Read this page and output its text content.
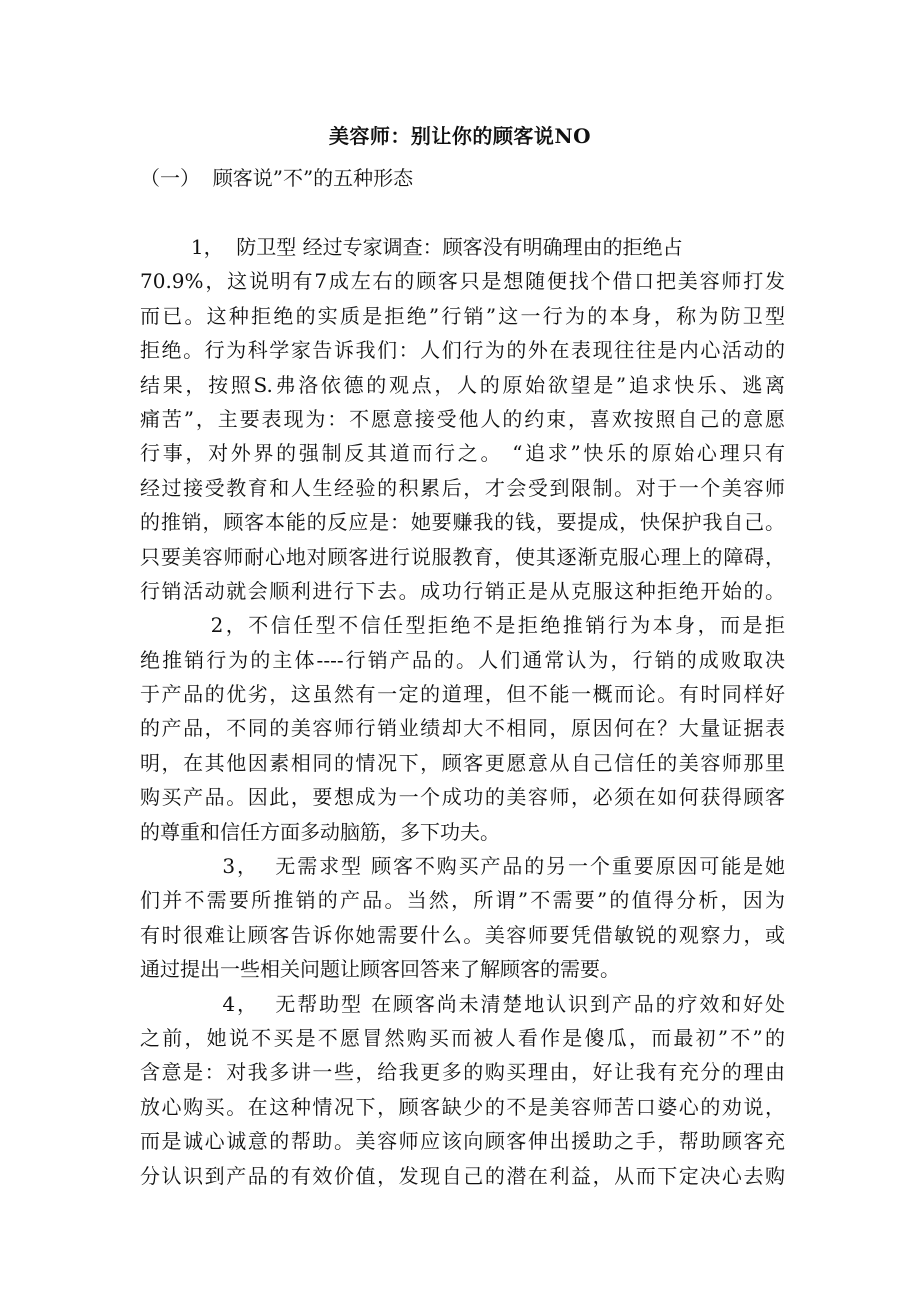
美容师：别让你的顾客说NO
（一）  顾客说”不”的五种形态
1，  防卫型 经过专家调查：顾客没有明确理由的拒绝占
70.9%，这说明有7成左右的顾客只是想随便找个借口把美容师打发
而已。这种拒绝的实质是拒绝”行销”这一行为的本身，称为防卫型
拒绝。行为科学家告诉我们：人们行为的外在表现往往是内心活动的
结果，按照S.弗洛依德的观点，人的原始欲望是”追求快乐、逃离
痛苦”，主要表现为：不愿意接受他人的约束，喜欢按照自己的意愿
行事，对外界的强制反其道而行之。 “追求”快乐的原始心理只有
经过接受教育和人生经验的积累后，才会受到限制。对于一个美容师
的推销，顾客本能的反应是：她要赚我的钱，要提成，快保护我自己。
只要美容师耐心地对顾客进行说服教育，使其逐渐克服心理上的障碍，
行销活动就会顺利进行下去。成功行销正是从克服这种拒绝开始的。
2，不信任型不信任型拒绝不是拒绝推销行为本身，而是拒
绝推销行为的主体----行销产品的。人们通常认为，行销的成败取决
于产品的优劣，这虽然有一定的道理，但不能一概而论。有时同样好
的产品，不同的美容师行销业绩却大不相同，原因何在？大量证据表
明，在其他因素相同的情况下，顾客更愿意从自己信任的美容师那里
购买产品。因此，要想成为一个成功的美容师，必须在如何获得顾客
的尊重和信任方面多动脑筋，多下功夫。
3，  无需求型 顾客不购买产品的另一个重要原因可能是她
们并不需要所推销的产品。当然，所谓”不需要”的值得分析，因为
有时很难让顾客告诉你她需要什么。美容师要凭借敏锐的观察力，或
通过提出一些相关问题让顾客回答来了解顾客的需要。
4，  无帮助型 在顾客尚未清楚地认识到产品的疗效和好处
之前，她说不买是不愿冒然购买而被人看作是傻瓜，而最初”不”的
含意是：对我多讲一些，给我更多的购买理由，好让我有充分的理由
放心购买。在这种情况下，顾客缺少的不是美容师苦口婆心的劝说，
而是诚心诚意的帮助。美容师应该向顾客伸出援助之手，帮助顾客充
分认识到产品的有效价值，发现自己的潜在利益，从而下定决心去购
